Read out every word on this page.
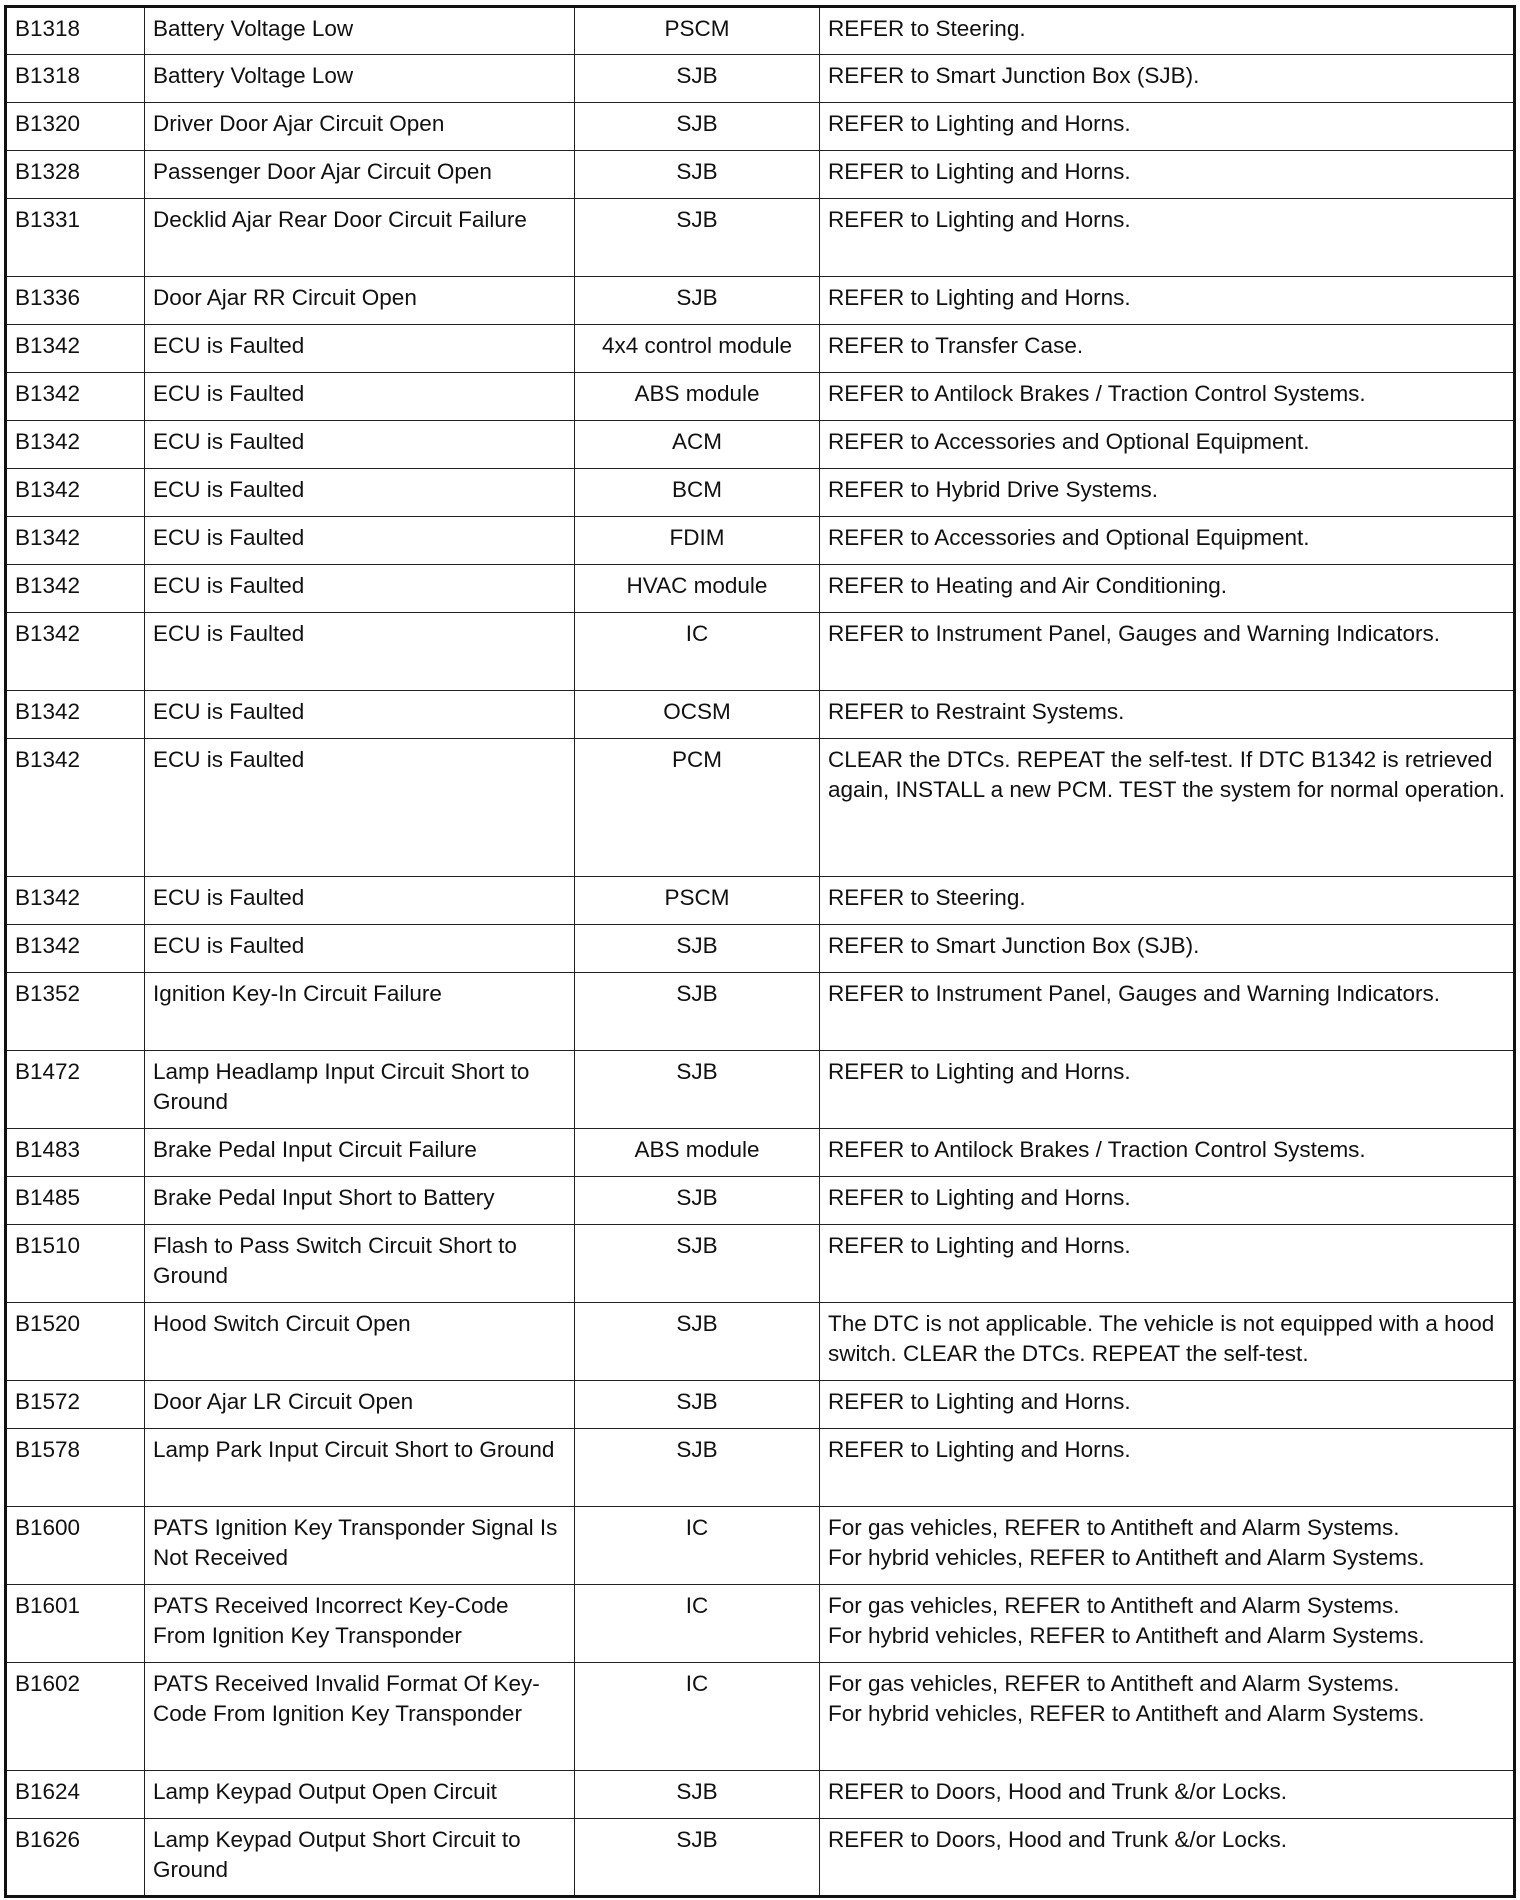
B1318	Battery Voltage Low	PSCM	REFER to Steering.
B1318	Battery Voltage Low	SJB	REFER to Smart Junction Box (SJB).
B1320	Driver Door Ajar Circuit Open	SJB	REFER to Lighting and Horns.
B1328	Passenger Door Ajar Circuit Open	SJB	REFER to Lighting and Horns.
B1331	Decklid Ajar Rear Door Circuit Failure	SJB	REFER to Lighting and Horns.
B1336	Door Ajar RR Circuit Open	SJB	REFER to Lighting and Horns.
B1342	ECU is Faulted	4x4 control module	REFER to Transfer Case.
B1342	ECU is Faulted	ABS module	REFER to Antilock Brakes / Traction Control Systems.
B1342	ECU is Faulted	ACM	REFER to Accessories and Optional Equipment.
B1342	ECU is Faulted	BCM	REFER to Hybrid Drive Systems.
B1342	ECU is Faulted	FDIM	REFER to Accessories and Optional Equipment.
B1342	ECU is Faulted	HVAC module	REFER to Heating and Air Conditioning.
B1342	ECU is Faulted	IC	REFER to Instrument Panel, Gauges and Warning Indicators.
B1342	ECU is Faulted	OCSM	REFER to Restraint Systems.
B1342	ECU is Faulted	PCM	CLEAR the DTCs. REPEAT the self-test. If DTC B1342 is retrieved again, INSTALL a new PCM. TEST the system for normal operation.
B1342	ECU is Faulted	PSCM	REFER to Steering.
B1342	ECU is Faulted	SJB	REFER to Smart Junction Box (SJB).
B1352	Ignition Key-In Circuit Failure	SJB	REFER to Instrument Panel, Gauges and Warning Indicators.
B1472	Lamp Headlamp Input Circuit Short to Ground	SJB	REFER to Lighting and Horns.
B1483	Brake Pedal Input Circuit Failure	ABS module	REFER to Antilock Brakes / Traction Control Systems.
B1485	Brake Pedal Input Short to Battery	SJB	REFER to Lighting and Horns.
B1510	Flash to Pass Switch Circuit Short to Ground	SJB	REFER to Lighting and Horns.
B1520	Hood Switch Circuit Open	SJB	The DTC is not applicable. The vehicle is not equipped with a hood switch. CLEAR the DTCs. REPEAT the self-test.
B1572	Door Ajar LR Circuit Open	SJB	REFER to Lighting and Horns.
B1578	Lamp Park Input Circuit Short to Ground	SJB	REFER to Lighting and Horns.
B1600	PATS Ignition Key Transponder Signal Is Not Received	IC	For gas vehicles, REFER to Antitheft and Alarm Systems.
For hybrid vehicles, REFER to Antitheft and Alarm Systems.

B1601	PATS Received Incorrect Key-Code From Ignition Key Transponder	IC	For gas vehicles, REFER to Antitheft and Alarm Systems.
For hybrid vehicles, REFER to Antitheft and Alarm Systems.

B1602	PATS Received Invalid Format Of Key-Code From Ignition Key Transponder	IC	For gas vehicles, REFER to Antitheft and Alarm Systems.
For hybrid vehicles, REFER to Antitheft and Alarm Systems.

B1624	Lamp Keypad Output Open Circuit	SJB	REFER to Doors, Hood and Trunk &/or Locks.
B1626	Lamp Keypad Output Short Circuit to Ground	SJB	REFER to Doors, Hood and Trunk &/or Locks.
